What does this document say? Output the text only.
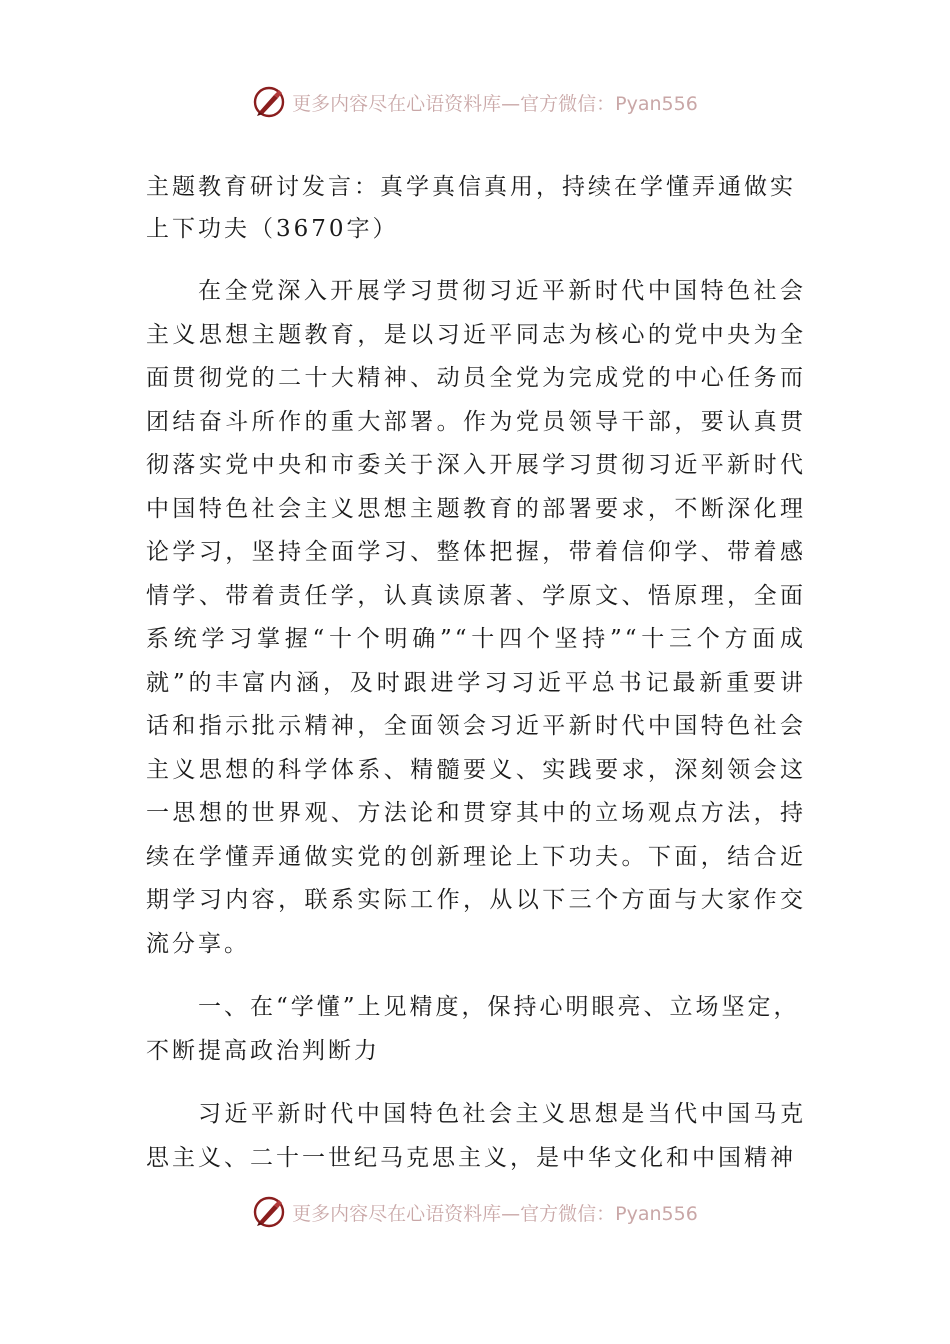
更多内容尽在心语资料库—官方微信：Pyan556

主题教育研讨发言：真学真信真用，持续在学懂弄通做实上下功夫（3670字）

在全党深入开展学习贯彻习近平新时代中国特色社会主义思想主题教育，是以习近平同志为核心的党中央为全面贯彻党的二十大精神、动员全党为完成党的中心任务而团结奋斗所作的重大部署。作为党员领导干部，要认真贯彻落实党中央和市委关于深入开展学习贯彻习近平新时代中国特色社会主义思想主题教育的部署要求，不断深化理论学习，坚持全面学习、整体把握，带着信仰学、带着感情学、带着责任学，认真读原著、学原文、悟原理，全面系统学习掌握“十个明确”“十四个坚持”“十三个方面成就”的丰富内涵，及时跟进学习习近平总书记最新重要讲话和指示批示精神，全面领会习近平新时代中国特色社会主义思想的科学体系、精髓要义、实践要求，深刻领会这一思想的世界观、方法论和贯穿其中的立场观点方法，持续在学懂弄通做实党的创新理论上下功夫。下面，结合近期学习内容，联系实际工作，从以下三个方面与大家作交流分享。

一、在“学懂”上见精度，保持心明眼亮、立场坚定，不断提高政治判断力

习近平新时代中国特色社会主义思想是当代中国马克思主义、二十一世纪马克思主义，是中华文化和中国精神

更多内容尽在心语资料库—官方微信：Pyan556
